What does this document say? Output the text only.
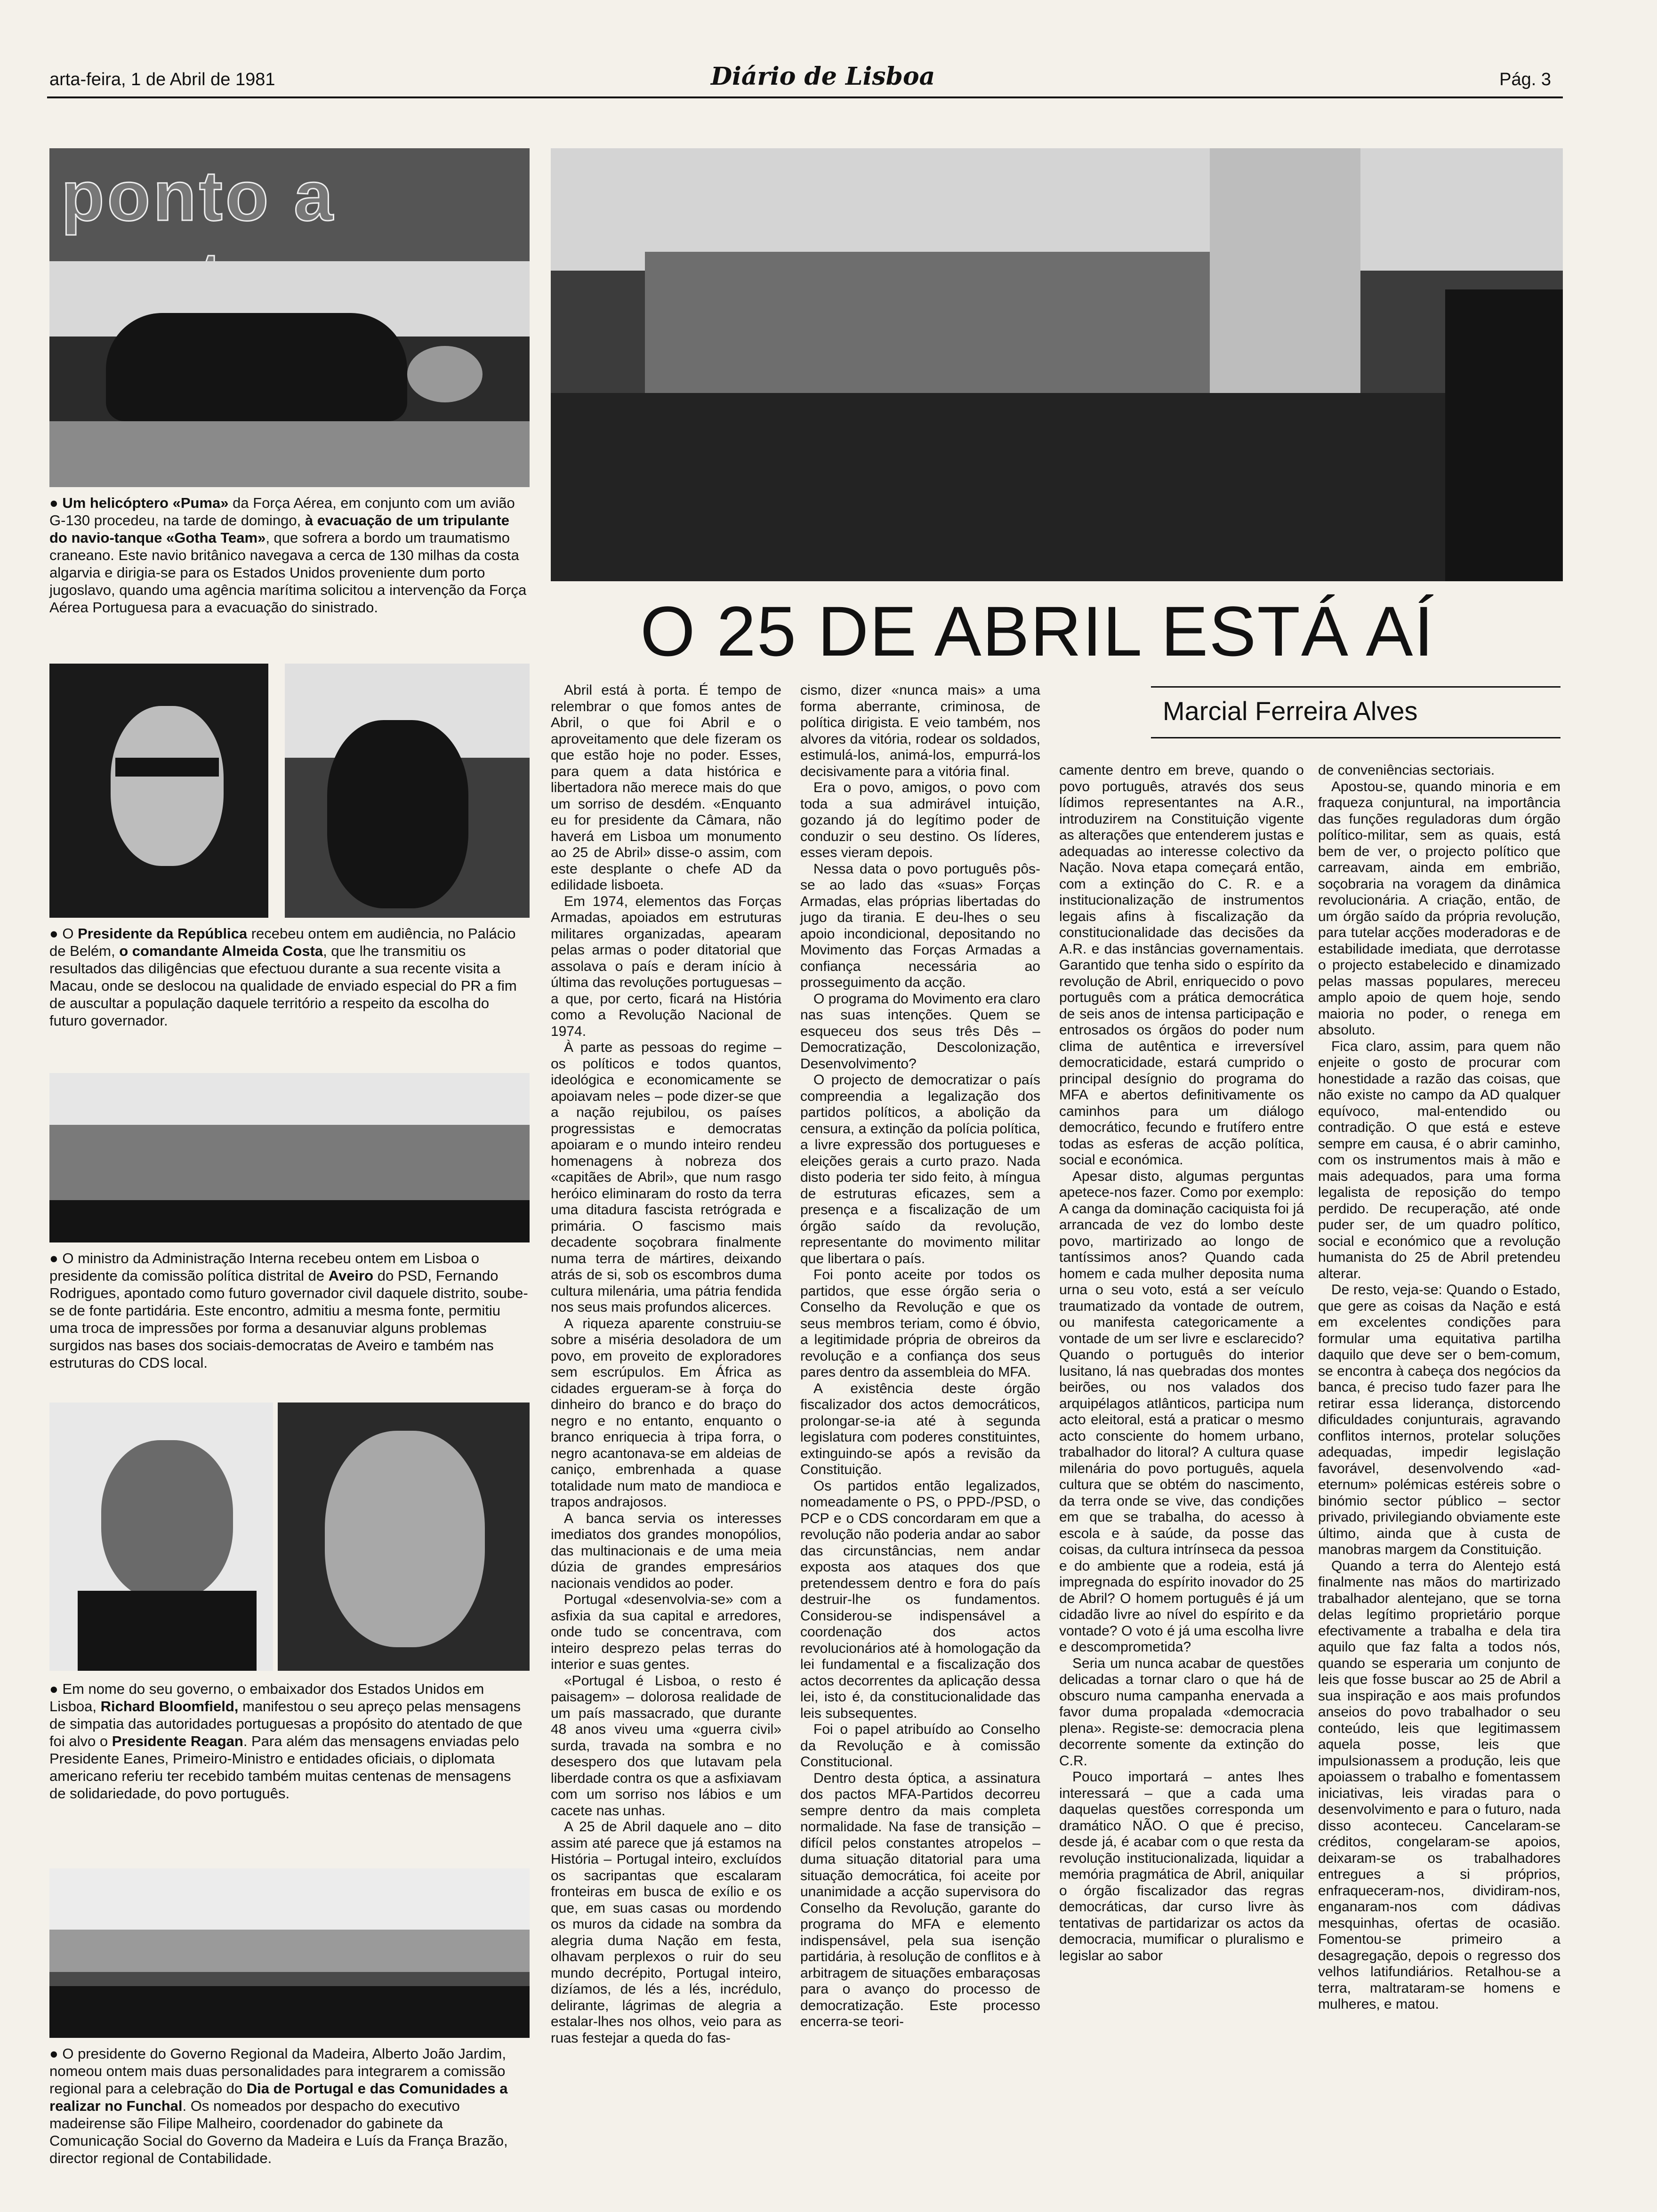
arta-feira, 1 de Abril de 1981	Diário de Lisboa	Pág. 3
ponto a
● Um helicóptero «Puma» da Força Aérea, em conjunto com um avião G-130 procedeu, na tarde de domingo, à evacuação de um tripulante do navio-tanque «Gotha Team», que sofrera a bordo um traumatismo craneano. Este navio britânico navegava a cerca de 130 milhas da costa algarvia e dirigia-se para os Estados Unidos proveniente dum porto jugoslavo, quando uma agência marítima solicitou a intervenção da Força Aérea Portuguesa para a evacuação do sinistrado.
● O Presidente da República recebeu ontem em audiência, no Palácio de Belém, o comandante Almeida Costa, que lhe transmitiu os resultados das diligências que efectuou durante a sua recente visita a Macau, onde se deslocou na qualidade de enviado especial do PR a fim de auscultar a população daquele território a respeito da escolha do futuro governador.
● O ministro da Administração Interna recebeu ontem em Lisboa o presidente da comissão política distrital de Aveiro do PSD, Fernando Rodrigues, apontado como futuro governador civil daquele distrito, soube-se de fonte partidária. Este encontro, admitiu a mesma fonte, permitiu uma troca de impressões por forma a desanuviar alguns problemas surgidos nas bases dos sociais-democratas de Aveiro e também nas estruturas do CDS local.
● Em nome do seu governo, o embaixador dos Estados Unidos em Lisboa, Richard Bloomfield, manifestou o seu apreço pelas mensagens de simpatia das autoridades portuguesas a propósito do atentado de que foi alvo o Presidente Reagan. Para além das mensagens enviadas pelo Presidente Eanes, Primeiro-Ministro e entidades oficiais, o diplomata americano referiu ter recebido também muitas centenas de mensagens de solidariedade, do povo português.
● O presidente do Governo Regional da Madeira, Alberto João Jardim, nomeou ontem mais duas personalidades para integrarem a comissão regional para a celebração do Dia de Portugal e das Comunidades a realizar no Funchal. Os nomeados por despacho do executivo madeirense são Filipe Malheiro, coordenador do gabinete da Comunicação Social do Governo da Madeira e Luís da França Brazão, director regional de Contabilidade.
O 25 DE ABRIL ESTÁ AÍ
Marcial Ferreira Alves

Abril está à porta. É tempo de relembrar o que fomos antes de Abril, o que foi Abril e o aproveitamento que dele fizeram os que estão hoje no poder. Esses, para quem a data histórica e libertadora não merece mais do que um sorriso de desdém. «Enquanto eu for presidente da Câmara, não haverá em Lisboa um monumento ao 25 de Abril» disse-o assim, com este desplante o chefe AD da edilidade lisboeta.

Em 1974, elementos das Forças Armadas, apoiados em estruturas militares organizadas, apearam pelas armas o poder ditatorial que assolava o país e deram início à última das revoluções portuguesas – a que, por certo, ficará na História como a Revolução Nacional de 1974.

À parte as pessoas do regime – os políticos e todos quantos, ideológica e economicamente se apoiavam neles – pode dizer-se que a nação rejubilou, os países progressistas e democratas apoiaram e o mundo inteiro rendeu homenagens à nobreza dos «capitães de Abril», que num rasgo heróico eliminaram do rosto da terra uma ditadura fascista retrógrada e primária. O fascismo mais decadente soçobrara finalmente numa terra de mártires, deixando atrás de si, sob os escombros duma cultura milenária, uma pátria fendida nos seus mais profundos alicerces.

A riqueza aparente construiu-se sobre a miséria desoladora de um povo, em proveito de exploradores sem escrúpulos. Em África as cidades ergueram-se à força do dinheiro do branco e do braço do negro e no entanto, enquanto o branco enriquecia à tripa forra, o negro acantonava-se em aldeias de caniço, embrenhada a quase totalidade num mato de mandioca e trapos andrajosos.

A banca servia os interesses imediatos dos grandes monopólios, das multinacionais e de uma meia dúzia de grandes empresários nacionais vendidos ao poder.

Portugal «desenvolvia-se» com a asfixia da sua capital e arredores, onde tudo se concentrava, com inteiro desprezo pelas terras do interior e suas gentes.

«Portugal é Lisboa, o resto é paisagem» – dolorosa realidade de um país massacrado, que durante 48 anos viveu uma «guerra civil» surda, travada na sombra e no desespero dos que lutavam pela liberdade contra os que a asfixiavam com um sorriso nos lábios e um cacete nas unhas.

A 25 de Abril daquele ano – dito assim até parece que já estamos na História – Portugal inteiro, excluídos os sacripantas que escalaram fronteiras em busca de exílio e os que, em suas casas ou mordendo os muros da cidade na sombra da alegria duma Nação em festa, olhavam perplexos o ruir do seu mundo decrépito, Portugal inteiro, dizíamos, de lés a lés, incrédulo, delirante, lágrimas de alegria a estalar-lhes nos olhos, veio para as ruas festejar a queda do fas-

cismo, dizer «nunca mais» a uma forma aberrante, criminosa, de política dirigista. E veio também, nos alvores da vitória, rodear os soldados, estimulá-los, animá-los, empurrá-los decisivamente para a vitória final.

Era o povo, amigos, o povo com toda a sua admirável intuição, gozando já do legítimo poder de conduzir o seu destino. Os líderes, esses vieram depois.

Nessa data o povo português pôs-se ao lado das «suas» Forças Armadas, elas próprias libertadas do jugo da tirania. E deu-lhes o seu apoio incondicional, depositando no Movimento das Forças Armadas a confiança necessária ao prosseguimento da acção.

O programa do Movimento era claro nas suas intenções. Quem se esqueceu dos seus três Dês – Democratização, Descolonização, Desenvolvimento?

O projecto de democratizar o país compreendia a legalização dos partidos políticos, a abolição da censura, a extinção da polícia política, a livre expressão dos portugueses e eleições gerais a curto prazo. Nada disto poderia ter sido feito, à míngua de estruturas eficazes, sem a presença e a fiscalização de um órgão saído da revolução, representante do movimento militar que libertara o país.

Foi ponto aceite por todos os partidos, que esse órgão seria o Conselho da Revolução e que os seus membros teriam, como é óbvio, a legitimidade própria de obreiros da revolução e a confiança dos seus pares dentro da assembleia do MFA.

A existência deste órgão fiscalizador dos actos democráticos, prolongar-se-ia até à segunda legislatura com poderes constituintes, extinguindo-se após a revisão da Constituição.

Os partidos então legalizados, nomeadamente o PS, o PPD-/PSD, o PCP e o CDS concordaram em que a revolução não poderia andar ao sabor das circunstâncias, nem andar exposta aos ataques dos que pretendessem dentro e fora do país destruir-lhe os fundamentos. Considerou-se indispensável a coordenação dos actos revolucionários até à homologação da lei fundamental e a fiscalização dos actos decorrentes da aplicação dessa lei, isto é, da constitucionalidade das leis subsequentes.

Foi o papel atribuído ao Conselho da Revolução e à comissão Constitucional.

Dentro desta óptica, a assinatura dos pactos MFA-Partidos decorreu sempre dentro da mais completa normalidade. Na fase de transição – difícil pelos constantes atropelos – duma situação ditatorial para uma situação democrática, foi aceite por unanimidade a acção supervisora do Conselho da Revolução, garante do programa do MFA e elemento indispensável, pela sua isenção partidária, à resolução de conflitos e à arbitragem de situações embaraçosas para o avanço do processo de democratização. Este processo encerra-se teori-

camente dentro em breve, quando o povo português, através dos seus lídimos representantes na A.R., introduzirem na Constituição vigente as alterações que entenderem justas e adequadas ao interesse colectivo da Nação. Nova etapa começará então, com a extinção do C. R. e a institucionalização de instrumentos legais afins à fiscalização da constitucionalidade das decisões da A.R. e das instâncias governamentais. Garantido que tenha sido o espírito da revolução de Abril, enriquecido o povo português com a prática democrática de seis anos de intensa participação e entrosados os órgãos do poder num clima de autêntica e irreversível democraticidade, estará cumprido o principal desígnio do programa do MFA e abertos definitivamente os caminhos para um diálogo democrático, fecundo e frutífero entre todas as esferas de acção política, social e económica.

Apesar disto, algumas perguntas apetece-nos fazer. Como por exemplo: A canga da dominação caciquista foi já arrancada de vez do lombo deste povo, martirizado ao longo de tantíssimos anos? Quando cada homem e cada mulher deposita numa urna o seu voto, está a ser veículo traumatizado da vontade de outrem, ou manifesta categoricamente a vontade de um ser livre e esclarecido? Quando o português do interior lusitano, lá nas quebradas dos montes beirões, ou nos valados dos arquipélagos atlânticos, participa num acto eleitoral, está a praticar o mesmo acto consciente do homem urbano, trabalhador do litoral? A cultura quase milenária do povo português, aquela cultura que se obtém do nascimento, da terra onde se vive, das condições em que se trabalha, do acesso à escola e à saúde, da posse das coisas, da cultura intrínseca da pessoa e do ambiente que a rodeia, está já impregnada do espírito inovador do 25 de Abril? O homem português é já um cidadão livre ao nível do espírito e da vontade? O voto é já uma escolha livre e descomprometida?

Seria um nunca acabar de questões delicadas a tornar claro o que há de obscuro numa campanha enervada a favor duma propalada «democracia plena». Registe-se: democracia plena decorrente somente da extinção do C.R.

Pouco importará – antes lhes interessará – que a cada uma daquelas questões corresponda um dramático NÃO. O que é preciso, desde já, é acabar com o que resta da revolução institucionalizada, liquidar a memória pragmática de Abril, aniquilar o órgão fiscalizador das regras democráticas, dar curso livre às tentativas de partidarizar os actos da democracia, mumificar o pluralismo e legislar ao sabor

de conveniências sectoriais.

Apostou-se, quando minoria e em fraqueza conjuntural, na importância das funções reguladoras dum órgão político-militar, sem as quais, está bem de ver, o projecto político que carreavam, ainda em embrião, soçobraria na voragem da dinâmica revolucionária. A criação, então, de um órgão saído da própria revolução, para tutelar acções moderadoras e de estabilidade imediata, que derrotasse o projecto estabelecido e dinamizado pelas massas populares, mereceu amplo apoio de quem hoje, sendo maioria no poder, o renega em absoluto.

Fica claro, assim, para quem não enjeite o gosto de procurar com honestidade a razão das coisas, que não existe no campo da AD qualquer equívoco, mal-entendido ou contradição. O que está e esteve sempre em causa, é o abrir caminho, com os instrumentos mais à mão e mais adequados, para uma forma legalista de reposição do tempo perdido. De recuperação, até onde puder ser, de um quadro político, social e económico que a revolução humanista do 25 de Abril pretendeu alterar.

De resto, veja-se: Quando o Estado, que gere as coisas da Nação e está em excelentes condições para formular uma equitativa partilha daquilo que deve ser o bem-comum, se encontra à cabeça dos negócios da banca, é preciso tudo fazer para lhe retirar essa liderança, distorcendo dificuldades conjunturais, agravando conflitos internos, protelar soluções adequadas, impedir legislação favorável, desenvolvendo «ad-eternum» polémicas estéreis sobre o binómio sector público – sector privado, privilegiando obviamente este último, ainda que à custa de manobras margem da Constituição.

Quando a terra do Alentejo está finalmente nas mãos do martirizado trabalhador alentejano, que se torna delas legítimo proprietário porque efectivamente a trabalha e dela tira aquilo que faz falta a todos nós, quando se esperaria um conjunto de leis que fosse buscar ao 25 de Abril a sua inspiração e aos mais profundos anseios do povo trabalhador o seu conteúdo, leis que legitimassem aquela posse, leis que impulsionassem a produção, leis que apoiassem o trabalho e fomentassem iniciativas, leis viradas para o desenvolvimento e para o futuro, nada disso aconteceu. Cancelaram-se créditos, congelaram-se apoios, deixaram-se os trabalhadores entregues a si próprios, enfraqueceram-nos, dividiram-nos, enganaram-nos com dádivas mesquinhas, ofertas de ocasião. Fomentou-se primeiro a desagregação, depois o regresso dos velhos latifundiários. Retalhou-se a terra, maltrataram-se homens e mulheres, e matou.
